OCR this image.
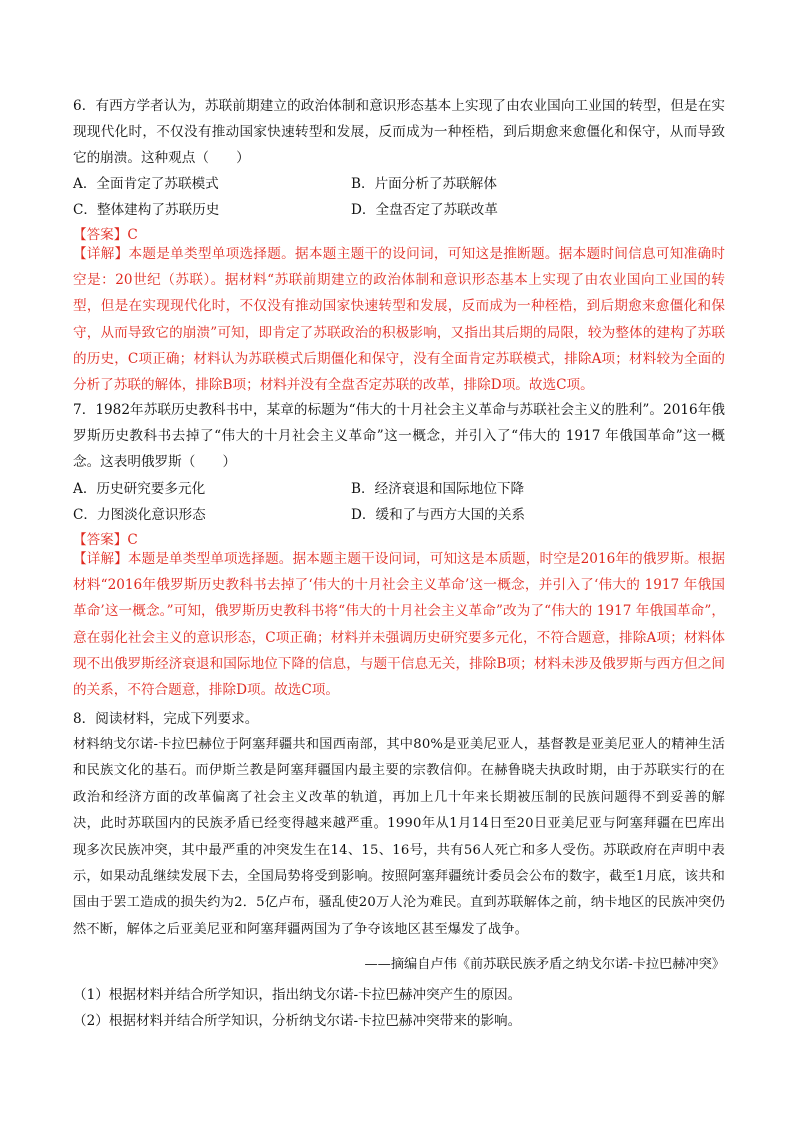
6．有西方学者认为，苏联前期建立的政治体制和意识形态基本上实现了由农业国向工业国的转型，但是在实现现代化时，不仅没有推动国家快速转型和发展，反而成为一种桎梏，到后期愈来愈僵化和保守，从而导致它的崩溃。这种观点（　　）

A．全面肯定了苏联模式	B．片面分析了苏联解体
C．整体建构了苏联历史	D．全盘否定了苏联改革
【答案】C

【详解】本题是单类型单项选择题。据本题主题干的设问词，可知这是推断题。据本题时间信息可知准确时空是：20世纪（苏联）。据材料“苏联前期建立的政治体制和意识形态基本上实现了由农业国向工业国的转型，但是在实现现代化时，不仅没有推动国家快速转型和发展，反而成为一种桎梏，到后期愈来愈僵化和保守，从而导致它的崩溃”可知，即肯定了苏联政治的积极影响，又指出其后期的局限，较为整体的建构了苏联的历史，C项正确；材料认为苏联模式后期僵化和保守，没有全面肯定苏联模式，排除A项；材料较为全面的分析了苏联的解体，排除B项；材料并没有全盘否定苏联的改革，排除D项。故选C项。

7．1982年苏联历史教科书中，某章的标题为“伟大的十月社会主义革命与苏联社会主义的胜利”。2016年俄罗斯历史教科书去掉了“伟大的十月社会主义革命”这一概念，并引入了“伟大的 1917 年俄国革命”这一概念。这表明俄罗斯（　　）

A．历史研究要多元化	B．经济衰退和国际地位下降
C．力图淡化意识形态	D．缓和了与西方大国的关系
【答案】C

【详解】本题是单类型单项选择题。据本题主题干设问词，可知这是本质题，时空是2016年的俄罗斯。根据材料“2016年俄罗斯历史教科书去掉了‘伟大的十月社会主义革命’这一概念，并引入了‘伟大的 1917 年俄国革命’这一概念。”可知，俄罗斯历史教科书将“伟大的十月社会主义革命”改为了“伟大的 1917 年俄国革命”，意在弱化社会主义的意识形态，C项正确；材料并未强调历史研究要多元化，不符合题意，排除A项；材料体现不出俄罗斯经济衰退和国际地位下降的信息，与题干信息无关，排除B项；材料未涉及俄罗斯与西方但之间的关系，不符合题意，排除D项。故选C项。

8．阅读材料，完成下列要求。

材料纳戈尔诺-卡拉巴赫位于阿塞拜疆共和国西南部，其中80%是亚美尼亚人，基督教是亚美尼亚人的精神生活和民族文化的基石。而伊斯兰教是阿塞拜疆国内最主要的宗教信仰。在赫鲁晓夫执政时期，由于苏联实行的在政治和经济方面的改革偏离了社会主义改革的轨道，再加上几十年来长期被压制的民族问题得不到妥善的解决，此时苏联国内的民族矛盾已经变得越来越严重。1990年从1月14日至20日亚美尼亚与阿塞拜疆在巴库出现多次民族冲突，其中最严重的冲突发生在14、15、16号，共有56人死亡和多人受伤。苏联政府在声明中表示，如果动乱继续发展下去，全国局势将受到影响。按照阿塞拜疆统计委员会公布的数字，截至1月底，该共和国由于罢工造成的损失约为2．5亿卢布，骚乱使20万人沦为难民。直到苏联解体之前，纳卡地区的民族冲突仍然不断，解体之后亚美尼亚和阿塞拜疆两国为了争夺该地区甚至爆发了战争。

——摘编自卢伟《前苏联民族矛盾之纳戈尔诺-卡拉巴赫冲突》
（1）根据材料并结合所学知识，指出纳戈尔诺-卡拉巴赫冲突产生的原因。
（2）根据材料并结合所学知识，分析纳戈尔诺-卡拉巴赫冲突带来的影响。
